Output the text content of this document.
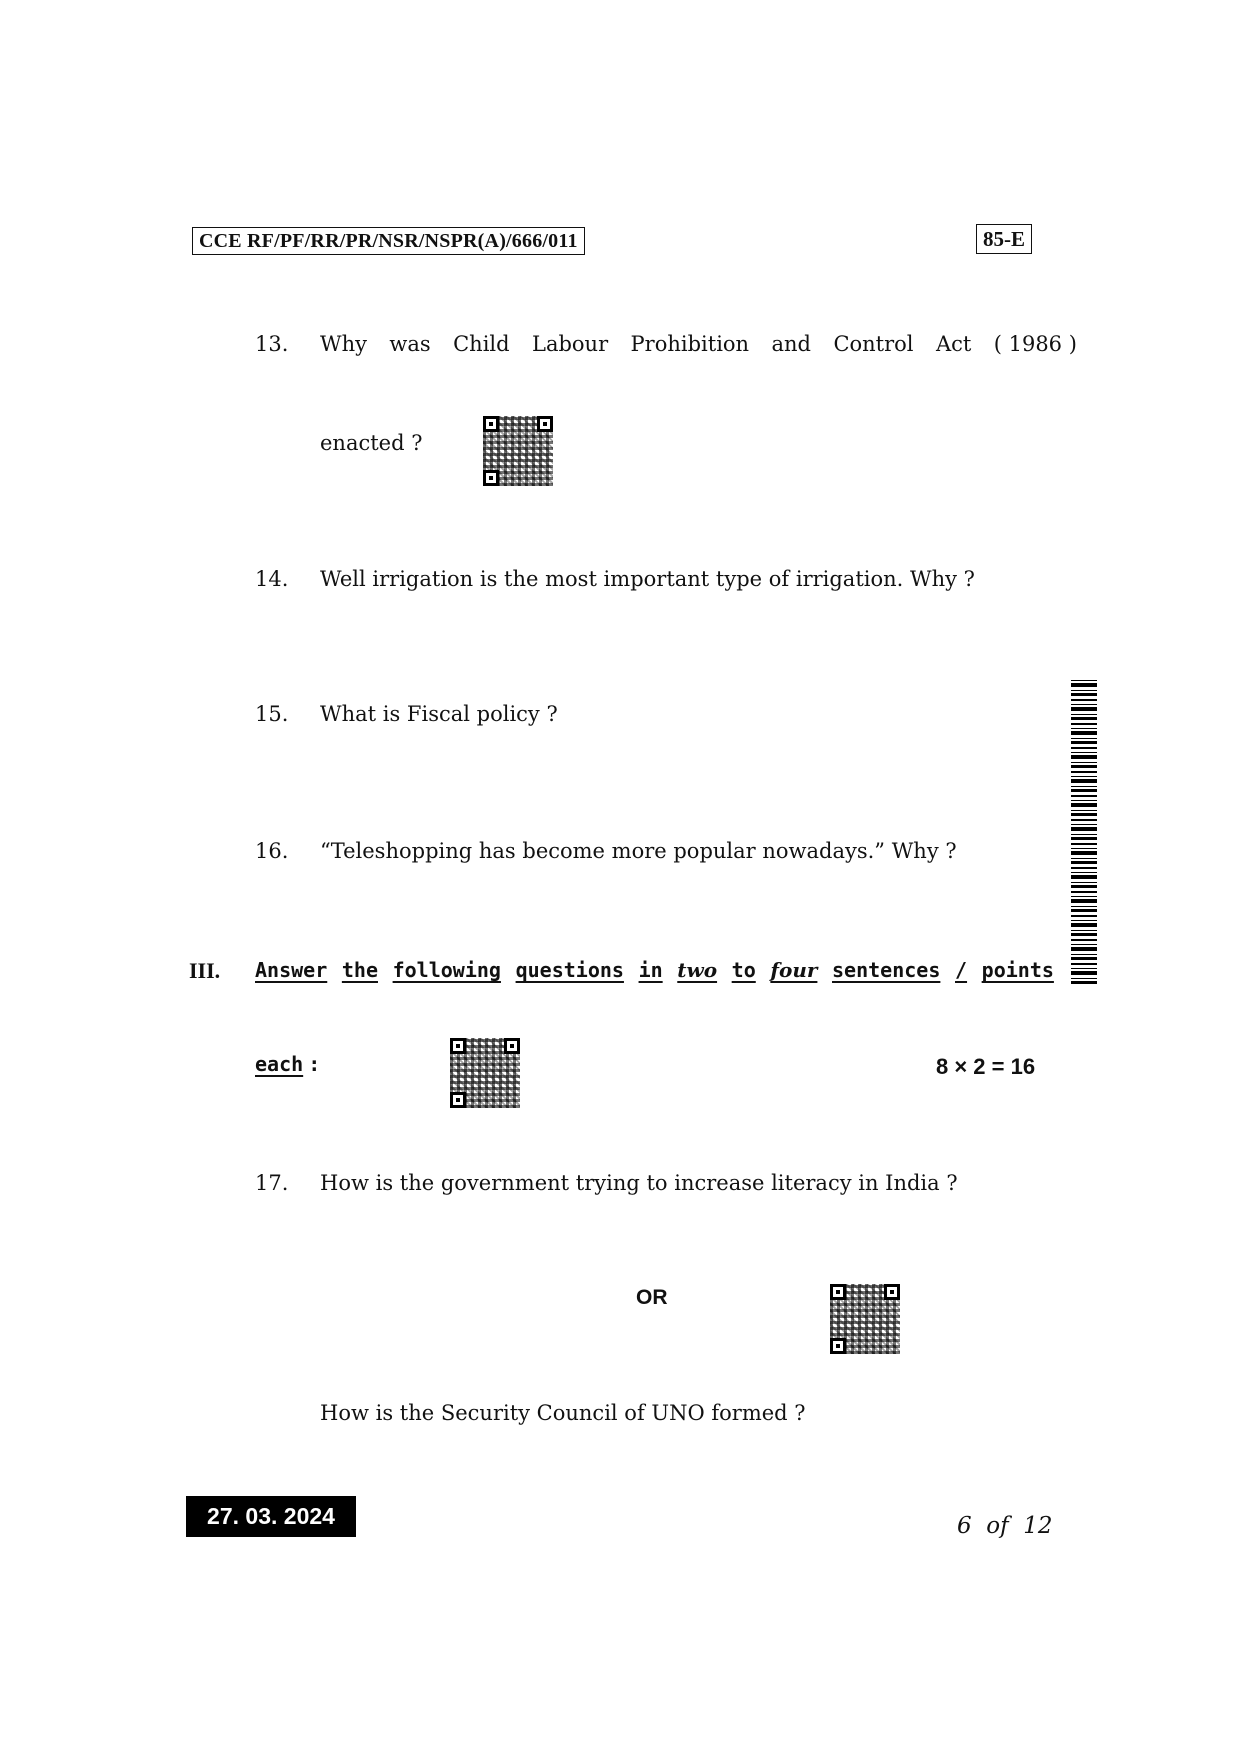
CCE RF/PF/RR/PR/NSR/NSPR(A)/666/011	85-E
13. Why was Child Labour Prohibition and Control Act ( 1986 )
enacted ?
14. Well irrigation is the most important type of irrigation. Why ?
15. What is Fiscal policy ?
16. “Teleshopping has become more popular nowadays.” Why ?
III. Answer the following questions in two to four sentences / points
each :	8 × 2 = 16
17. How is the government trying to increase literacy in India ?
OR
How is the Security Council of UNO formed ?
27. 03. 2024	6  of  12
